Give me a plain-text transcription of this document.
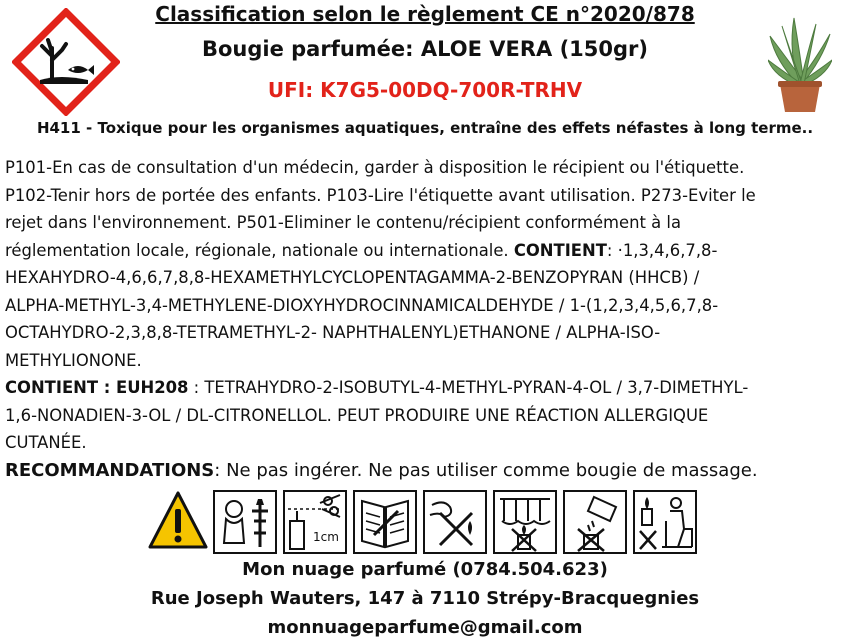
Classification selon le règlement CE n°2020/878
Bougie parfumée: ALOE VERA (150gr)
UFI: K7G5-00DQ-700R-TRHV
H411 - Toxique pour les organismes aquatiques, entraîne des effets néfastes à long terme..
P101-En cas de consultation d'un médecin, garder à disposition le récipient ou l'étiquette.
P102-Tenir hors de portée des enfants. P103-Lire l'étiquette avant utilisation. P273-Eviter le
rejet dans l'environnement. P501-Eliminer le contenu/récipient conformément à la
réglementation locale, régionale, nationale ou internationale. CONTIENT: ·1,3,4,6,7,8-
HEXAHYDRO-4,6,6,7,8,8-HEXAMETHYLCYCLOPENTAGAMMA-2-BENZOPYRAN (HHCB) /
ALPHA-METHYL-3,4-METHYLENE-DIOXYHYDROCINNAMICALDEHYDE / 1-(1,2,3,4,5,6,7,8-
OCTAHYDRO-2,3,8,8-TETRAMETHYL-2- NAPHTHALENYL)ETHANONE / ALPHA-ISO-
METHYLIONONE.
CONTIENT : EUH208 : TETRAHYDRO-2-ISOBUTYL-4-METHYL-PYRAN-4-OL / 3,7-DIMETHYL-
1,6-NONADIEN-3-OL / DL-CITRONELLOL. PEUT PRODUIRE UNE RÉACTION ALLERGIQUE
CUTANÉE.
RECOMMANDATIONS: Ne pas ingérer. Ne pas utiliser comme bougie de massage.
1cm
Mon nuage parfumé (0784.504.623)
Rue Joseph Wauters, 147 à 7110 Strépy-Bracquegnies
monnuageparfume@gmail.com
